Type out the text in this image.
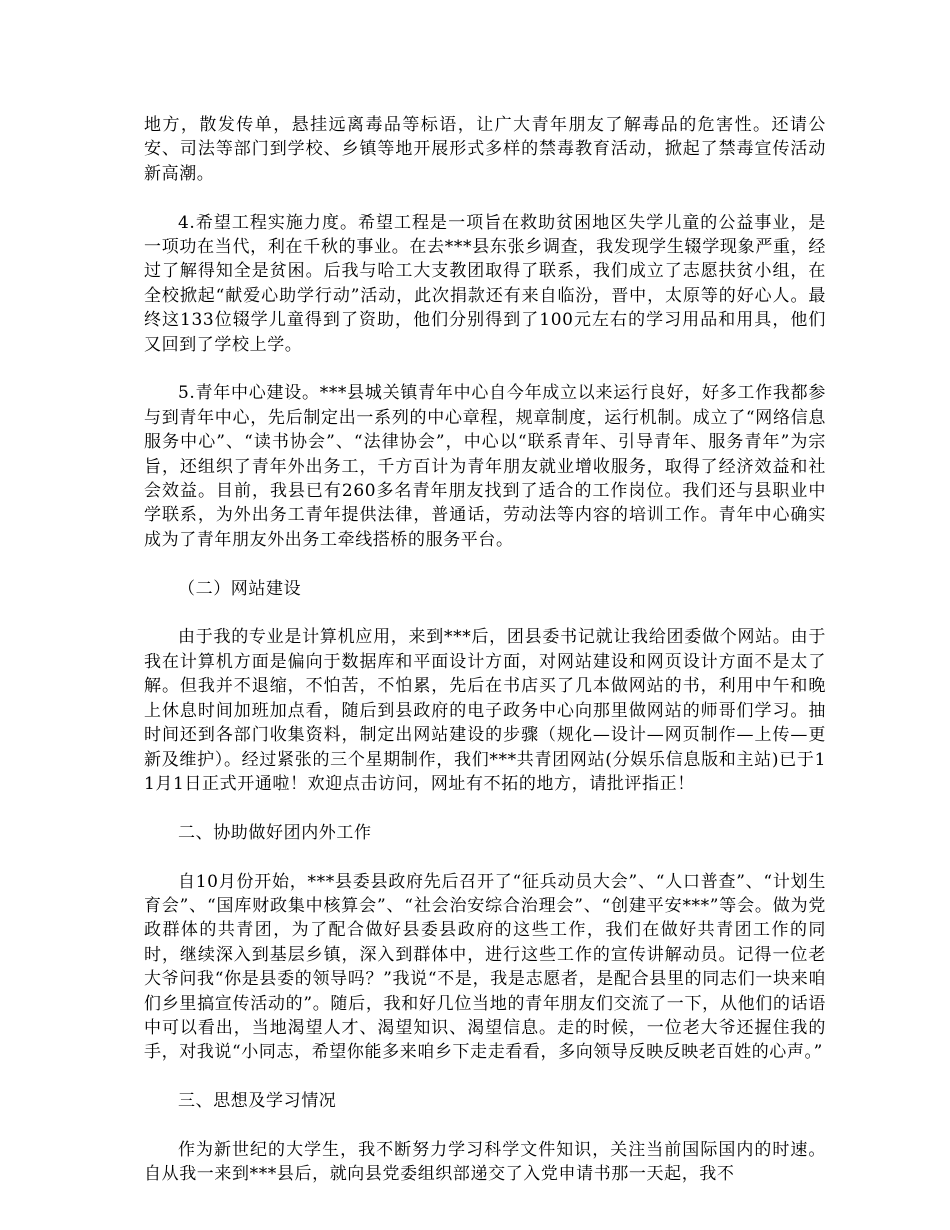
地方，散发传单，悬挂远离毒品等标语，让广大青年朋友了解毒品的危害性。还请公安、司法等部门到学校、乡镇等地开展形式多样的禁毒教育活动，掀起了禁毒宣传活动新高潮。

4.希望工程实施力度。希望工程是一项旨在救助贫困地区失学儿童的公益事业，是一项功在当代，利在千秋的事业。在去***县东张乡调查，我发现学生辍学现象严重，经过了解得知全是贫困。后我与哈工大支教团取得了联系，我们成立了志愿扶贫小组，在全校掀起“献爱心助学行动”活动，此次捐款还有来自临汾，晋中，太原等的好心人。最终这133位辍学儿童得到了资助，他们分别得到了100元左右的学习用品和用具，他们又回到了学校上学。

5.青年中心建设。***县城关镇青年中心自今年成立以来运行良好，好多工作我都参与到青年中心，先后制定出一系列的中心章程，规章制度，运行机制。成立了“网络信息服务中心”、“读书协会”、“法律协会”，中心以“联系青年、引导青年、服务青年”为宗旨，还组织了青年外出务工，千方百计为青年朋友就业增收服务，取得了经济效益和社会效益。目前，我县已有260多名青年朋友找到了适合的工作岗位。我们还与县职业中学联系，为外出务工青年提供法律，普通话，劳动法等内容的培训工作。青年中心确实成为了青年朋友外出务工牵线搭桥的服务平台。

（二）网站建设

由于我的专业是计算机应用，来到***后，团县委书记就让我给团委做个网站。由于我在计算机方面是偏向于数据库和平面设计方面，对网站建设和网页设计方面不是太了解。但我并不退缩，不怕苦，不怕累，先后在书店买了几本做网站的书，利用中午和晚上休息时间加班加点看，随后到县政府的电子政务中心向那里做网站的师哥们学习。抽时间还到各部门收集资料，制定出网站建设的步骤（规化—设计—网页制作—上传—更新及维护）。经过紧张的三个星期制作，我们***共青团网站(分娱乐信息版和主站)已于11月1日正式开通啦！欢迎点击访问，网址有不拓的地方，请批评指正！

二、协助做好团内外工作

自10月份开始，***县委县政府先后召开了“征兵动员大会”、“人口普查”、“计划生育会”、“国库财政集中核算会”、“社会治安综合治理会”、“创建平安***”等会。做为党政群体的共青团，为了配合做好县委县政府的这些工作，我们在做好共青团工作的同时，继续深入到基层乡镇，深入到群体中，进行这些工作的宣传讲解动员。记得一位老大爷问我“你是县委的领导吗？”我说“不是，我是志愿者，是配合县里的同志们一块来咱们乡里搞宣传活动的”。随后，我和好几位当地的青年朋友们交流了一下，从他们的话语中可以看出，当地渴望人才、渴望知识、渴望信息。走的时候，一位老大爷还握住我的手，对我说“小同志，希望你能多来咱乡下走走看看，多向领导反映反映老百姓的心声。”

三、思想及学习情况

作为新世纪的大学生，我不断努力学习科学文件知识，关注当前国际国内的时速。自从我一来到***县后，就向县党委组织部递交了入党申请书那一天起，我不
